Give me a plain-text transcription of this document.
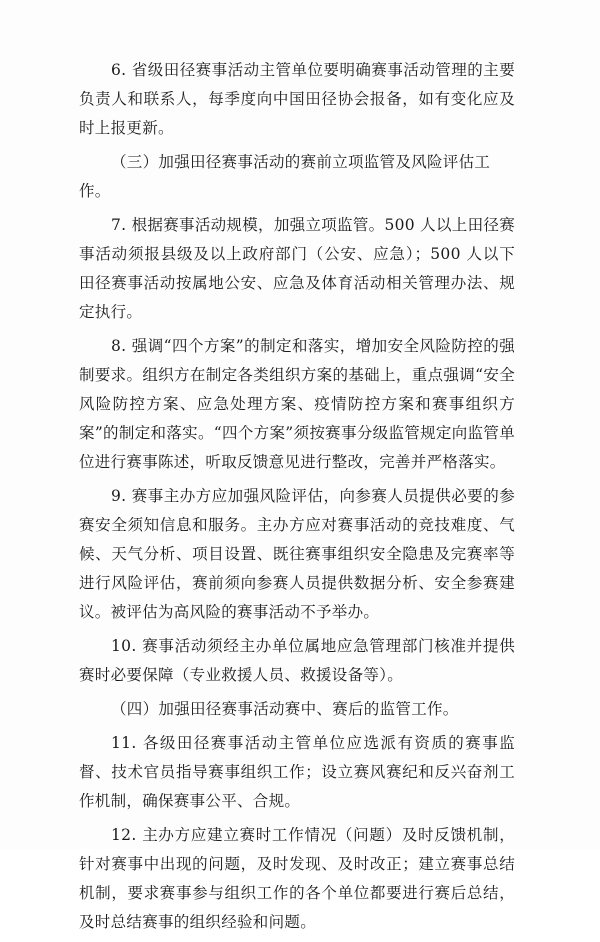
6. 省级田径赛事活动主管单位要明确赛事活动管理的主要负责人和联系人，每季度向中国田径协会报备，如有变化应及时上报更新。

（三）加强田径赛事活动的赛前立项监管及风险评估工作。

7. 根据赛事活动规模，加强立项监管。500 人以上田径赛事活动须报县级及以上政府部门（公安、应急）；500 人以下田径赛事活动按属地公安、应急及体育活动相关管理办法、规定执行。

8. 强调“四个方案”的制定和落实，增加安全风险防控的强制要求。组织方在制定各类组织方案的基础上，重点强调“安全风险防控方案、应急处理方案、疫情防控方案和赛事组织方案”的制定和落实。“四个方案”须按赛事分级监管规定向监管单位进行赛事陈述，听取反馈意见进行整改，完善并严格落实。

9. 赛事主办方应加强风险评估，向参赛人员提供必要的参赛安全须知信息和服务。主办方应对赛事活动的竞技难度、气候、天气分析、项目设置、既往赛事组织安全隐患及完赛率等进行风险评估，赛前须向参赛人员提供数据分析、安全参赛建议。被评估为高风险的赛事活动不予举办。

10. 赛事活动须经主办单位属地应急管理部门核准并提供赛时必要保障（专业救援人员、救援设备等）。

（四）加强田径赛事活动赛中、赛后的监管工作。

11. 各级田径赛事活动主管单位应选派有资质的赛事监督、技术官员指导赛事组织工作；设立赛风赛纪和反兴奋剂工作机制，确保赛事公平、合规。

12. 主办方应建立赛时工作情况（问题）及时反馈机制，针对赛事中出现的问题，及时发现、及时改正；建立赛事总结机制，要求赛事参与组织工作的各个单位都要进行赛后总结，及时总结赛事的组织经验和问题。
